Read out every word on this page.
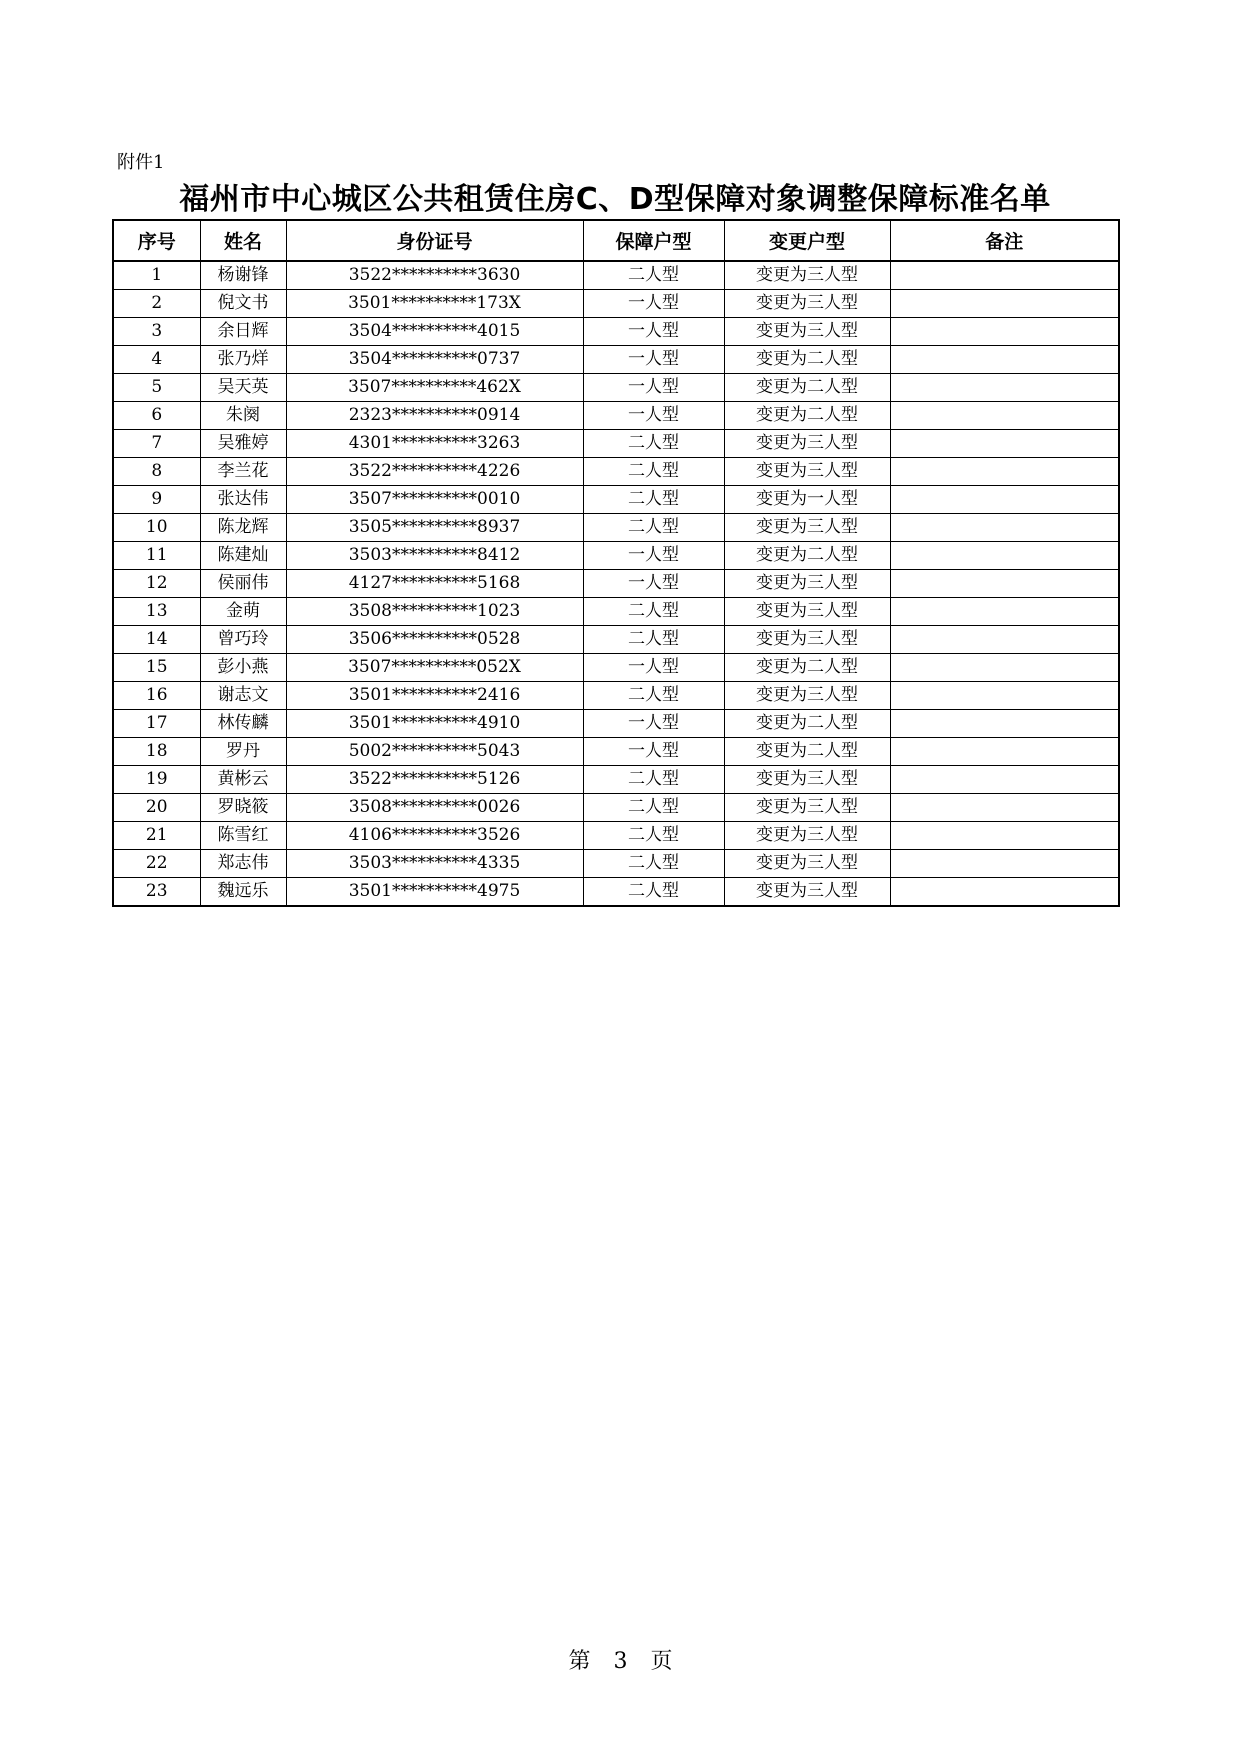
附件1
福州市中心城区公共租赁住房C、D型保障对象调整保障标准名单
序号	姓名	身份证号	保障户型	变更户型	备注
1	杨谢锋	3522**********3630	二人型	变更为三人型	
2	倪文书	3501**********173X	一人型	变更为三人型	
3	余日辉	3504**********4015	一人型	变更为三人型	
4	张乃烊	3504**********0737	一人型	变更为二人型	
5	吴天英	3507**********462X	一人型	变更为二人型	
6	朱阕	2323**********0914	一人型	变更为二人型	
7	吴雅婷	4301**********3263	二人型	变更为三人型	
8	李兰花	3522**********4226	二人型	变更为三人型	
9	张达伟	3507**********0010	二人型	变更为一人型	
10	陈龙辉	3505**********8937	二人型	变更为三人型	
11	陈建灿	3503**********8412	一人型	变更为二人型	
12	侯丽伟	4127**********5168	一人型	变更为三人型	
13	金萌	3508**********1023	二人型	变更为三人型	
14	曾巧玲	3506**********0528	二人型	变更为三人型	
15	彭小燕	3507**********052X	一人型	变更为二人型	
16	谢志文	3501**********2416	二人型	变更为三人型	
17	林传麟	3501**********4910	一人型	变更为二人型	
18	罗丹	5002**********5043	一人型	变更为二人型	
19	黄彬云	3522**********5126	二人型	变更为三人型	
20	罗晓筱	3508**********0026	二人型	变更为三人型	
21	陈雪红	4106**********3526	二人型	变更为三人型	
22	郑志伟	3503**********4335	二人型	变更为三人型	
23	魏远乐	3501**********4975	二人型	变更为三人型	
第 3 页
